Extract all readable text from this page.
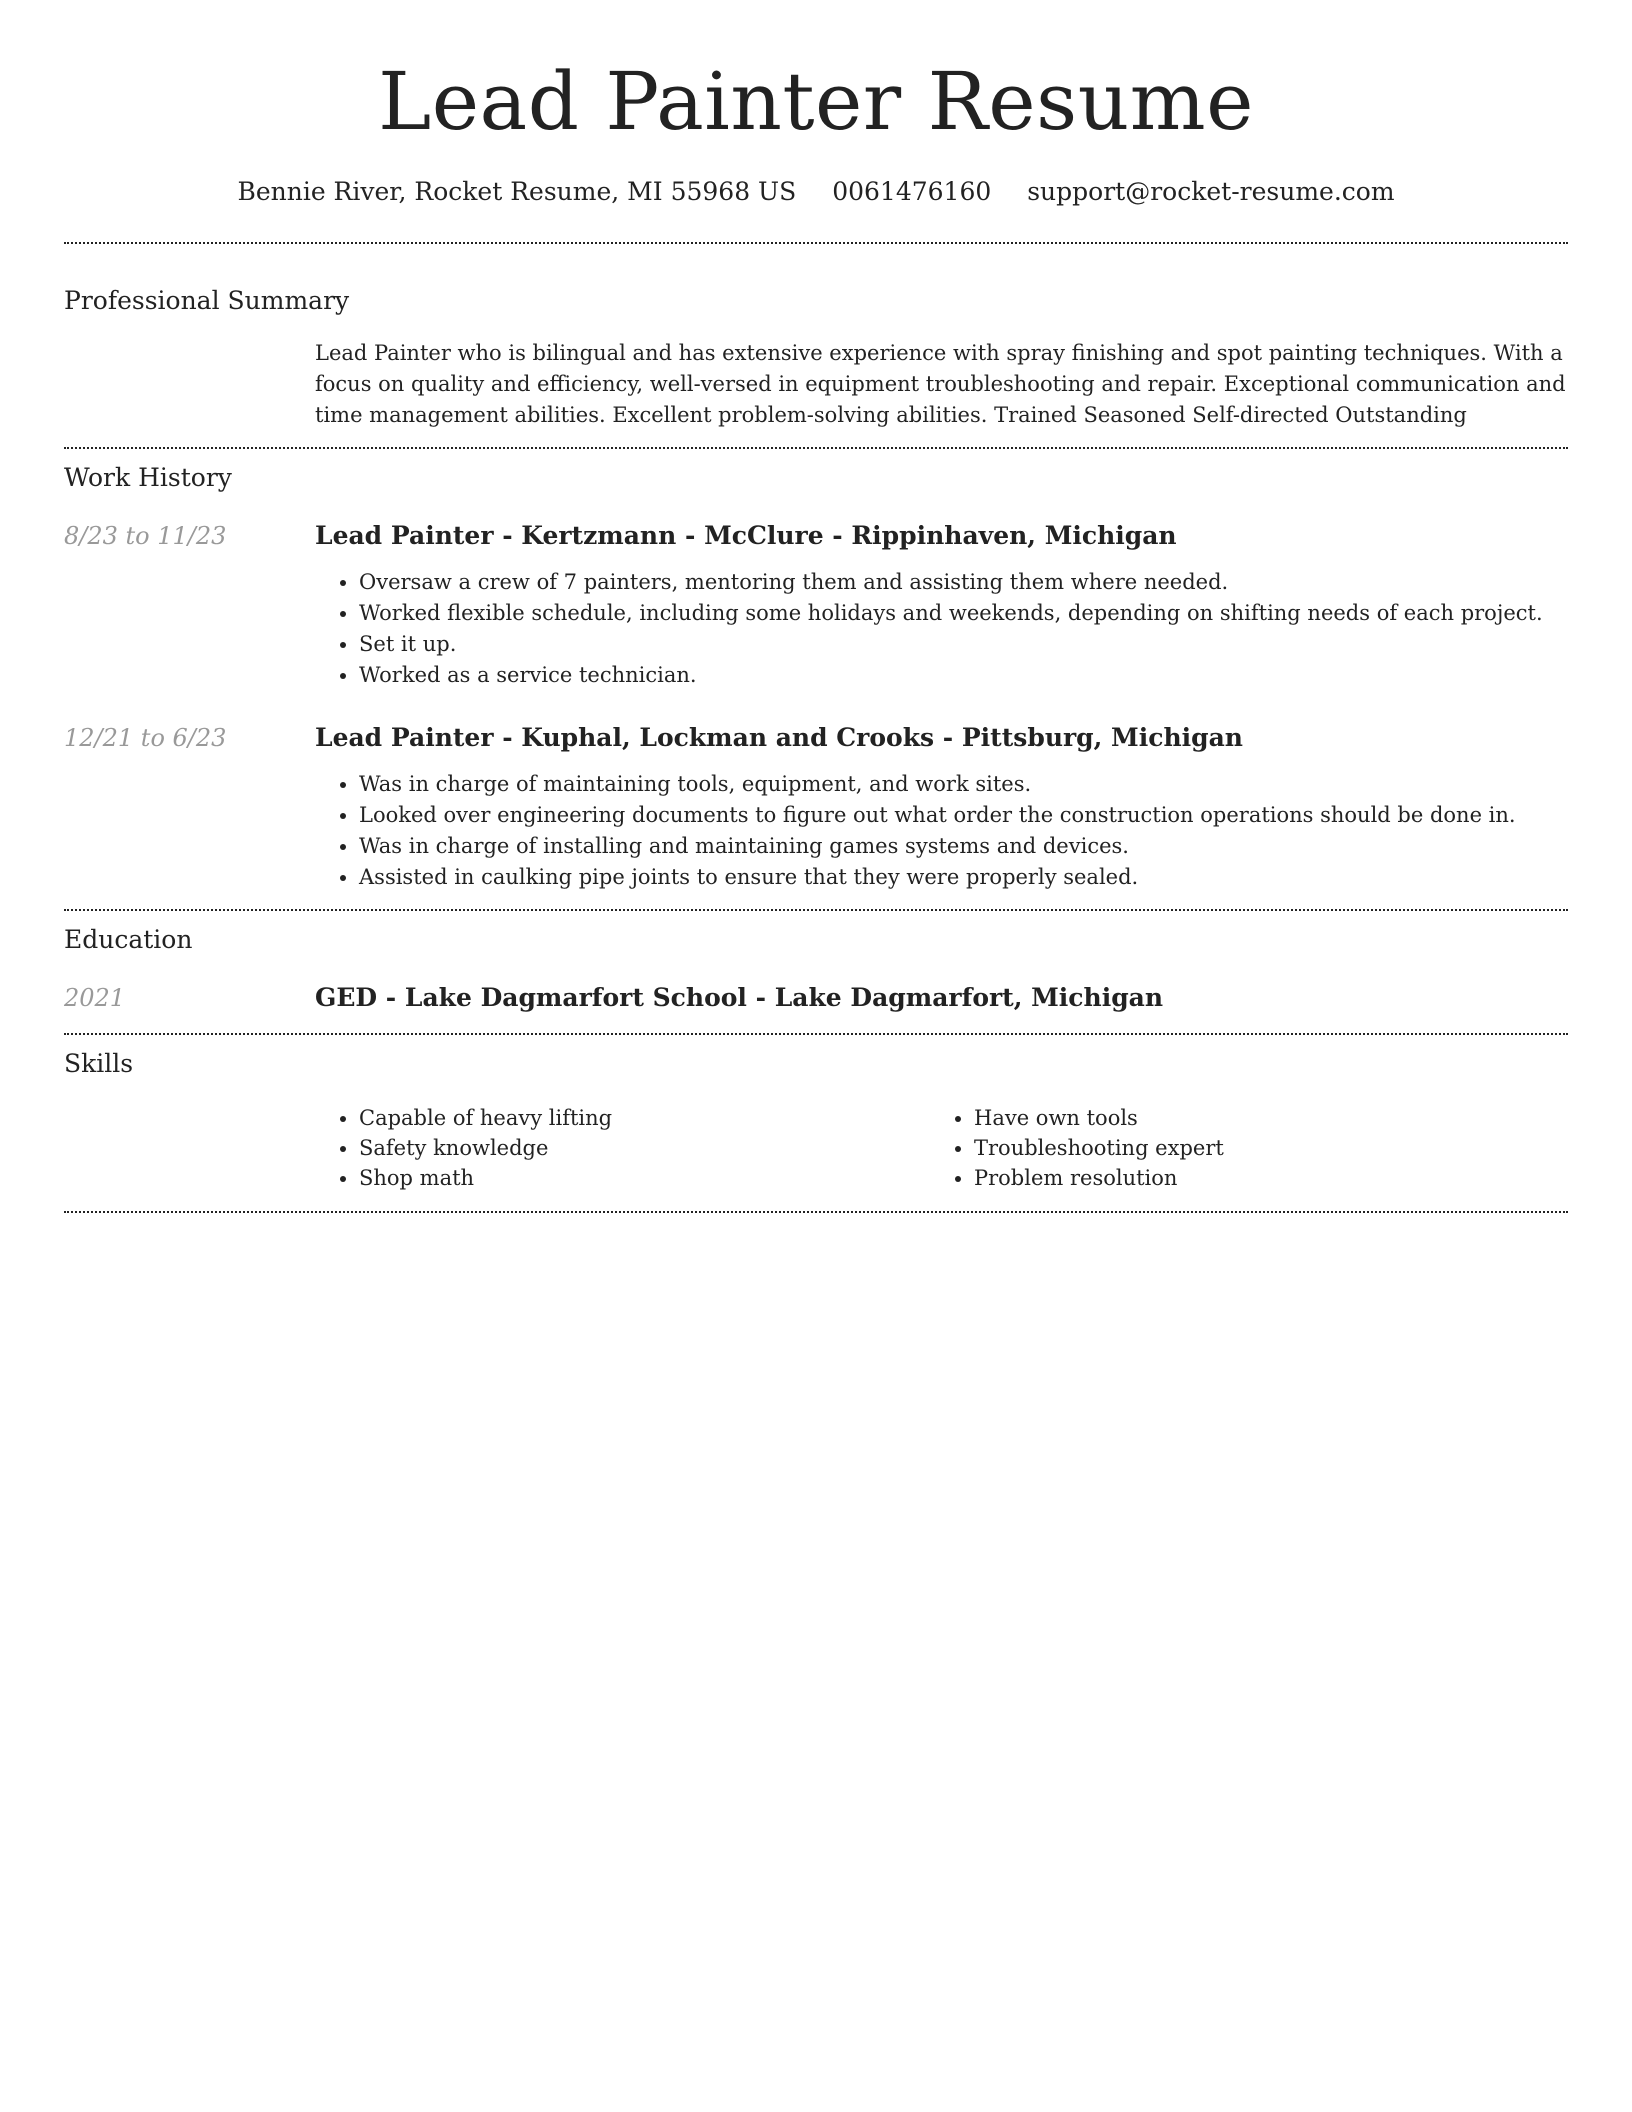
Lead Painter Resume
Bennie River, Rocket Resume, MI 55968 US 0061476160 support@rocket-resume.com
Professional Summary

Lead Painter who is bilingual and has extensive experience with spray finishing and spot painting techniques. With a focus on quality and efficiency, well-versed in equipment troubleshooting and repair. Exceptional communication and time management abilities. Excellent problem-solving abilities. Trained Seasoned Self-directed Outstanding

Work History
8/23 to 11/23	Lead Painter - Kertzmann - McClure - Rippinhaven, Michigan
• Oversaw a crew of 7 painters, mentoring them and assisting them where needed.
• Worked flexible schedule, including some holidays and weekends, depending on shifting needs of each project.
• Set it up.
• Worked as a service technician.
12/21 to 6/23	Lead Painter - Kuphal, Lockman and Crooks - Pittsburg, Michigan
• Was in charge of maintaining tools, equipment, and work sites.
• Looked over engineering documents to figure out what order the construction operations should be done in.
• Was in charge of installing and maintaining games systems and devices.
• Assisted in caulking pipe joints to ensure that they were properly sealed.
Education
2021	GED - Lake Dagmarfort School - Lake Dagmarfort, Michigan
Skills
• Capable of heavy lifting
• Safety knowledge
• Shop math
• Have own tools
• Troubleshooting expert
• Problem resolution
